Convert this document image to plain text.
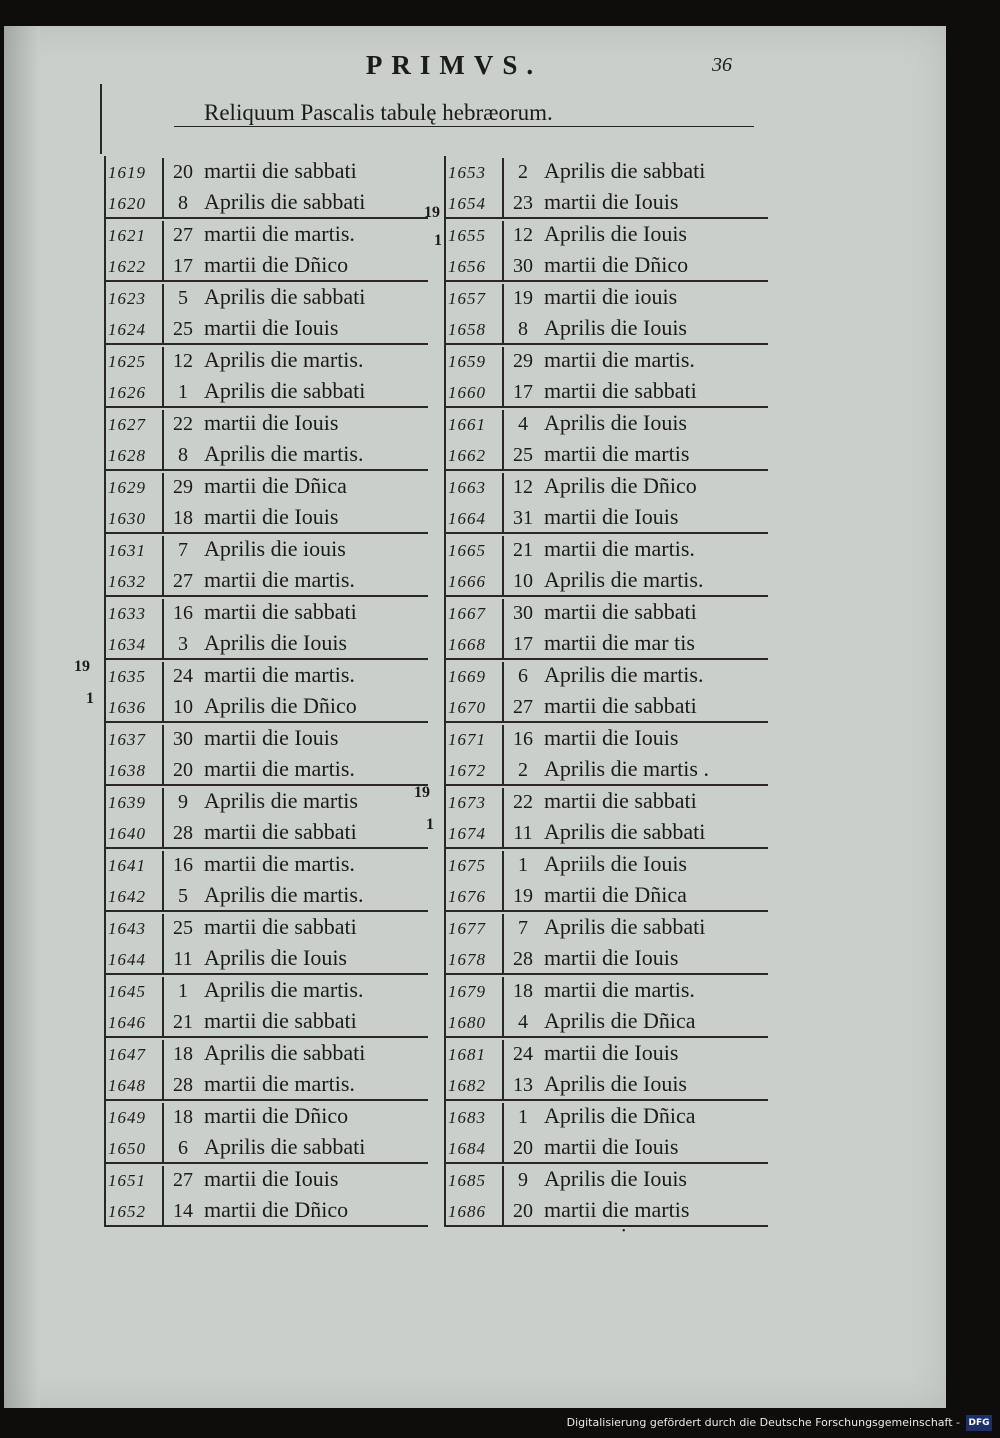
PRIMVS.	36
Reliquum Pascalis tabulę hebræorum.
1619	20 martii die sabbati
1620	8 Aprilis die sabbati
1621	27 martii die martis.
1622	17 martii die Dñico
1623	5 Aprilis die sabbati
1624	25 martii die Iouis
1625	12 Aprilis die martis.
1626	1 Aprilis die sabbati
1627	22 martii die Iouis
1628	8 Aprilis die martis.
1629	29 martii die Dñica
1630	18 martii die Iouis
1631	7 Aprilis die iouis
1632	27 martii die martis.
1633	16 martii die sabbati
1634	3 Aprilis die Iouis
1635	24 martii die martis.
1636	10 Aprilis die Dñico
1637	30 martii die Iouis
1638	20 martii die martis.
1639	9 Aprilis die martis
1640	28 martii die sabbati
1641	16 martii die martis.
1642	5 Aprilis die martis.
1643	25 martii die sabbati
1644	11 Aprilis die Iouis
1645	1 Aprilis die martis.
1646	21 martii die sabbati
1647	18 Aprilis die sabbati
1648	28 martii die martis.
1649	18 martii die Dñico
1650	6 Aprilis die sabbati
1651	27 martii die Iouis
1652	14 martii die Dñico
1653	2 Aprilis die sabbati
1654	23 martii die Iouis
1655	12 Aprilis die Iouis
1656	30 martii die Dñico
1657	19 martii die iouis
1658	8 Aprilis die Iouis
1659	29 martii die martis.
1660	17 martii die sabbati
1661	4 Aprilis die Iouis
1662	25 martii die martis
1663	12 Aprilis die Dñico
1664	31 martii die Iouis
1665	21 martii die martis.
1666	10 Aprilis die martis.
1667	30 martii die sabbati
1668	17 martii die mar tis
1669	6 Aprilis die martis.
1670	27 martii die sabbati
1671	16 martii die Iouis
1672	2 Aprilis die martis .
1673	22 martii die sabbati
1674	11 Aprilis die sabbati
1675	1 Apriils die Iouis
1676	19 martii die Dñica
1677	7 Aprilis die sabbati
1678	28 martii die Iouis
1679	18 martii die martis.
1680	4 Aprilis die Dñica
1681	24 martii die Iouis
1682	13 Aprilis die Iouis
1683	1 Aprilis die Dñica
1684	20 martii die Iouis
1685	9 Aprilis die Iouis
1686	20 martii die martis
19
1
19
1
19
1
•
Digitalisierung gefördert durch die Deutsche Forschungsgemeinschaft - DFG
